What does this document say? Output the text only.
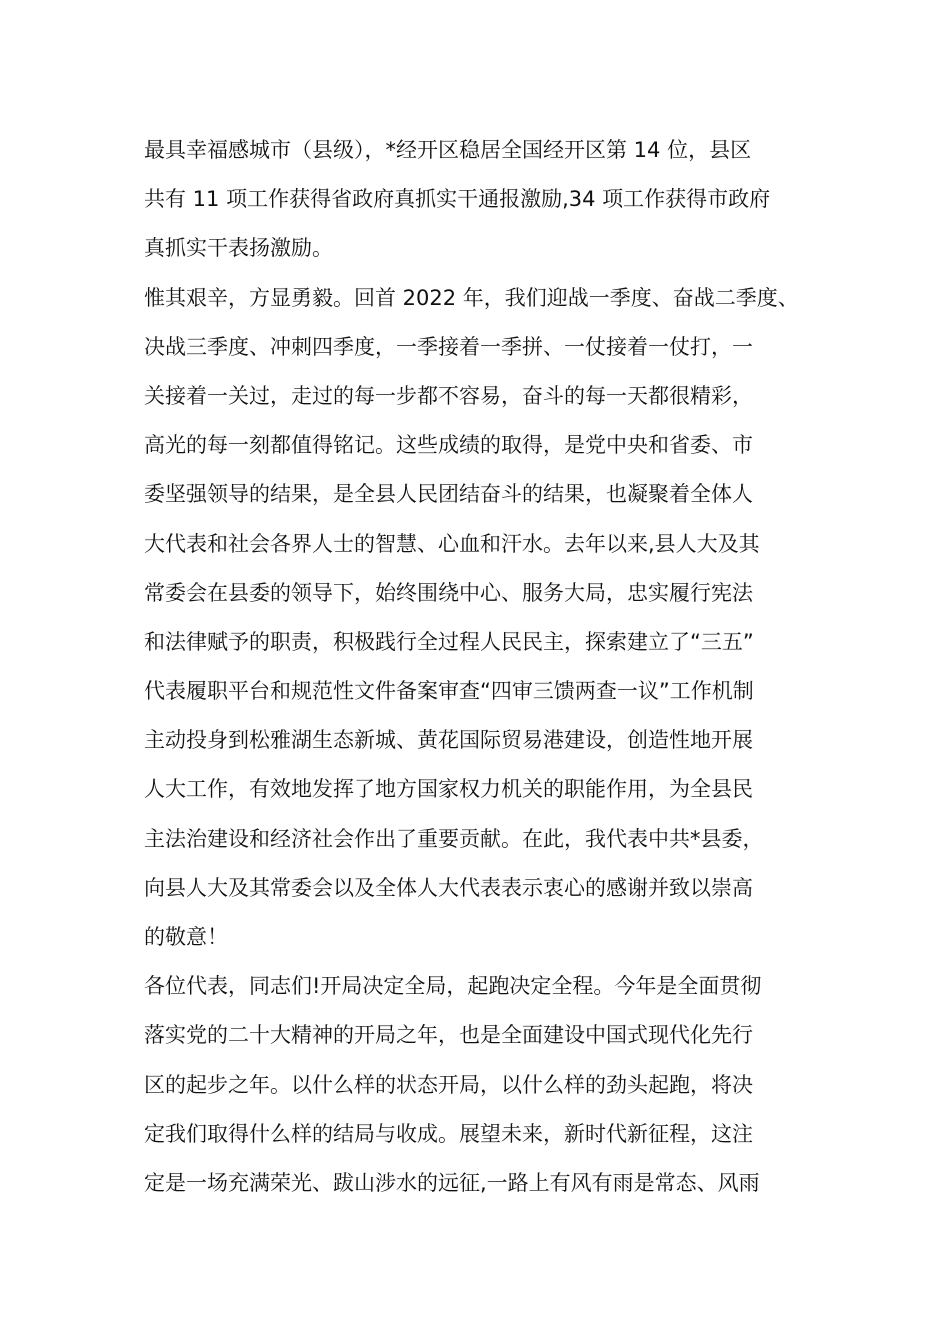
最具幸福感城市（县级），*经开区稳居全国经开区第 14 位，县区
共有 11 项工作获得省政府真抓实干通报激励,34 项工作获得市政府
真抓实干表扬激励。
惟其艰辛，方显勇毅。回首 2022 年，我们迎战一季度、奋战二季度、
决战三季度、冲刺四季度，一季接着一季拼、一仗接着一仗打，一
关接着一关过，走过的每一步都不容易，奋斗的每一天都很精彩，
高光的每一刻都值得铭记。这些成绩的取得，是党中央和省委、市
委坚强领导的结果，是全县人民团结奋斗的结果，也凝聚着全体人
大代表和社会各界人士的智慧、心血和汗水。去年以来,县人大及其
常委会在县委的领导下，始终围绕中心、服务大局，忠实履行宪法
和法律赋予的职责，积极践行全过程人民民主，探索建立了“三五”
代表履职平台和规范性文件备案审查“四审三馈两查一议”工作机制
主动投身到松雅湖生态新城、黄花国际贸易港建设，创造性地开展
人大工作，有效地发挥了地方国家权力机关的职能作用，为全县民
主法治建设和经济社会作出了重要贡献。在此，我代表中共*县委，
向县人大及其常委会以及全体人大代表表示衷心的感谢并致以崇高
的敬意！
各位代表，同志们!开局决定全局，起跑决定全程。今年是全面贯彻
落实党的二十大精神的开局之年，也是全面建设中国式现代化先行
区的起步之年。以什么样的状态开局，以什么样的劲头起跑，将决
定我们取得什么样的结局与收成。展望未来，新时代新征程，这注
定是一场充满荣光、跋山涉水的远征,一路上有风有雨是常态、风雨
